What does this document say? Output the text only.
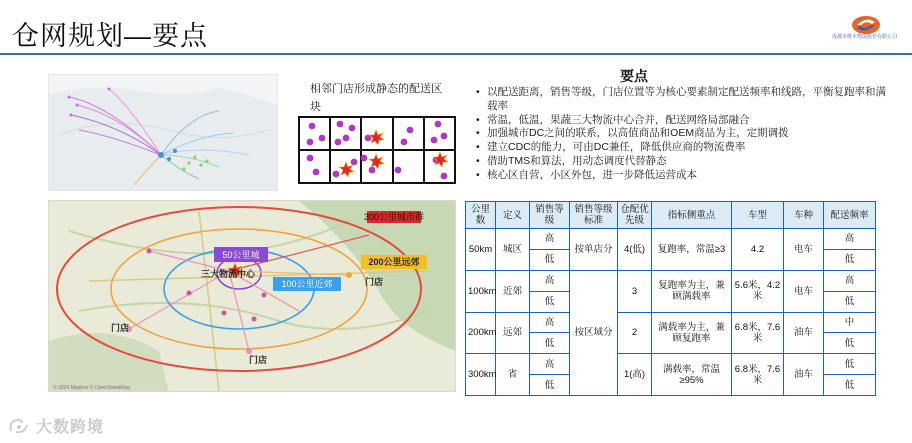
仓网规划—要点	成都市维木物流股份有限公司
相邻门店形成静态的配送区块
要点
• 以配送距离，销售等级，门店位置等为核心要素制定配送频率和线路，平衡复跑率和满载率
• 常温，低温，果蔬三大物流中心合并，配送网络局部融合
• 加强城市DC之间的联系，以高值商品和OEM商品为主，定期调拨
• 建立CDC的能力，可由DC兼任，降低供应商的物流费率
• 借助TMS和算法，用动态调度代替静态
• 核心区自营，小区外包，进一步降低运营成本
50公里城
100公里近郊
200公里远郊
300公里城市群
三大物流中心
门店
门店
门店
© 2024 Mapbox © OpenStreetMap
公里数	定义	销售等级	销售等级标准	仓配优先级	指标侧重点	车型	车种	配送频率
50km	城区	高	按单店分	4(低)	复跑率，常温≥3	4.2	电车	高
		低						低
100km	近郊	高	按区域分	3	复跑率为主，兼顾满载率	5.6米，4.2米	电车	高
		低						低
200km	远郊	高		2	满载率为主，兼顾复跑率	6.8米，7.6米	油车	中
		低						低
300km	省	高		1(高)	满载率，常温≥95%	6.8米，7.6米	油车	低
		低						低
大数跨境
